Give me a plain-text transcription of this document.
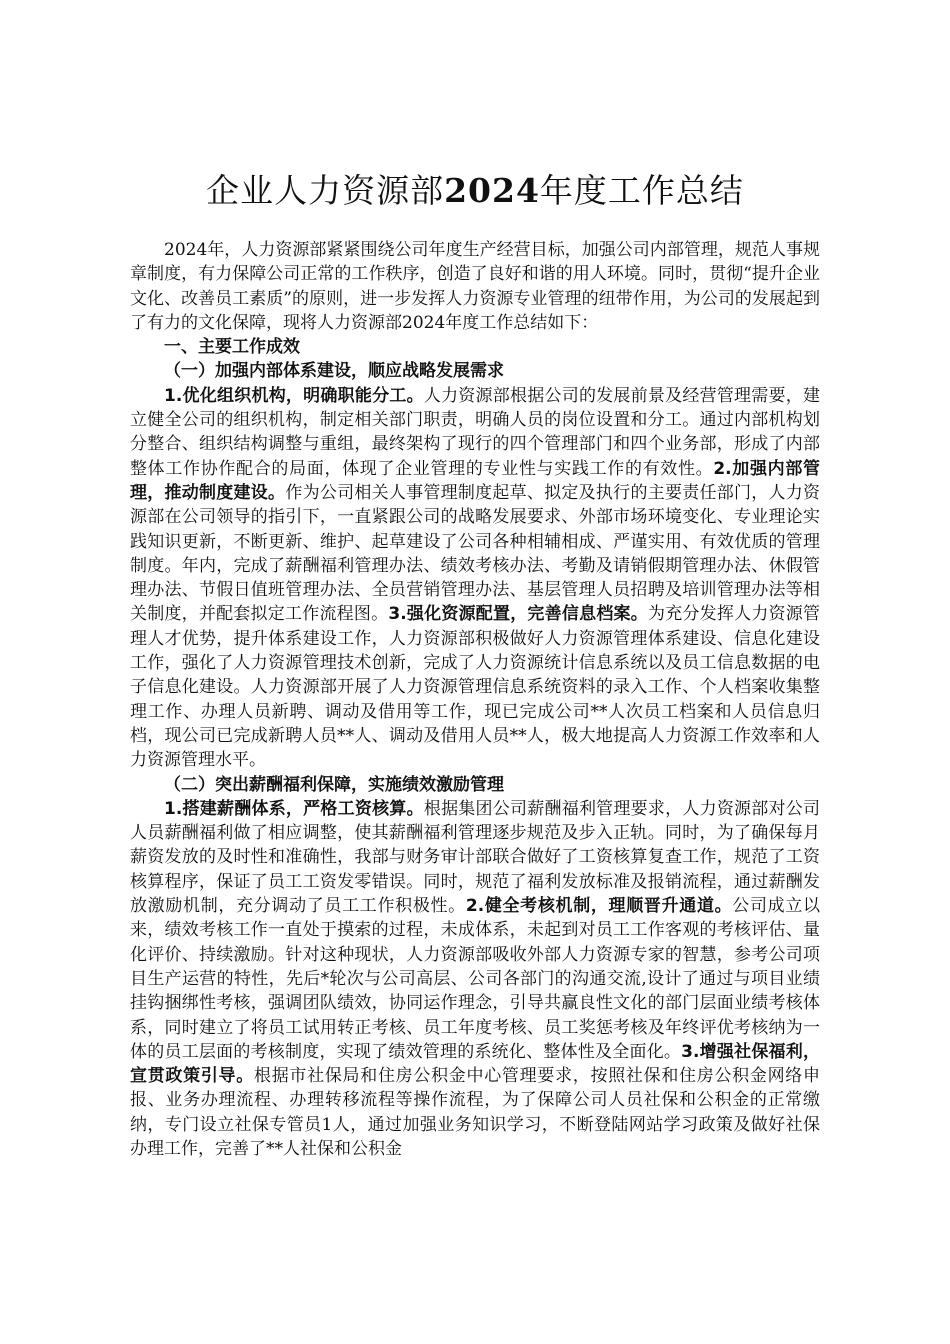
企业人力资源部2024年度工作总结

2024年，人力资源部紧紧围绕公司年度生产经营目标，加强公司内部管理，规范人事规章制度，有力保障公司正常的工作秩序，创造了良好和谐的用人环境。同时，贯彻“提升企业文化、改善员工素质”的原则，进一步发挥人力资源专业管理的纽带作用，为公司的发展起到了有力的文化保障，现将人力资源部2024年度工作总结如下：

一、主要工作成效

（一）加强内部体系建设，顺应战略发展需求

1.优化组织机构，明确职能分工。人力资源部根据公司的发展前景及经营管理需要，建立健全公司的组织机构，制定相关部门职责，明确人员的岗位设置和分工。通过内部机构划分整合、组织结构调整与重组，最终架构了现行的四个管理部门和四个业务部，形成了内部整体工作协作配合的局面，体现了企业管理的专业性与实践工作的有效性。2.加强内部管理，推动制度建设。作为公司相关人事管理制度起草、拟定及执行的主要责任部门，人力资源部在公司领导的指引下，一直紧跟公司的战略发展要求、外部市场环境变化、专业理论实践知识更新，不断更新、维护、起草建设了公司各种相辅相成、严谨实用、有效优质的管理制度。年内，完成了薪酬福利管理办法、绩效考核办法、考勤及请销假期管理办法、休假管理办法、节假日值班管理办法、全员营销管理办法、基层管理人员招聘及培训管理办法等相关制度，并配套拟定工作流程图。3.强化资源配置，完善信息档案。为充分发挥人力资源管理人才优势，提升体系建设工作，人力资源部积极做好人力资源管理体系建设、信息化建设工作，强化了人力资源管理技术创新，完成了人力资源统计信息系统以及员工信息数据的电子信息化建设。人力资源部开展了人力资源管理信息系统资料的录入工作、个人档案收集整理工作、办理人员新聘、调动及借用等工作，现已完成公司**人次员工档案和人员信息归档，现公司已完成新聘人员**人、调动及借用人员**人，极大地提高人力资源工作效率和人力资源管理水平。

（二）突出薪酬福利保障，实施绩效激励管理

1.搭建薪酬体系，严格工资核算。根据集团公司薪酬福利管理要求，人力资源部对公司人员薪酬福利做了相应调整，使其薪酬福利管理逐步规范及步入正轨。同时，为了确保每月薪资发放的及时性和准确性，我部与财务审计部联合做好了工资核算复查工作，规范了工资核算程序，保证了员工工资发零错误。同时，规范了福利发放标准及报销流程，通过薪酬发放激励机制，充分调动了员工工作积极性。2.健全考核机制，理顺晋升通道。公司成立以来，绩效考核工作一直处于摸索的过程，未成体系，未起到对员工工作客观的考核评估、量化评价、持续激励。针对这种现状，人力资源部吸收外部人力资源专家的智慧，参考公司项目生产运营的特性，先后*轮次与公司高层、公司各部门的沟通交流,设计了通过与项目业绩挂钩捆绑性考核，强调团队绩效，协同运作理念，引导共赢良性文化的部门层面业绩考核体系，同时建立了将员工试用转正考核、员工年度考核、员工奖惩考核及年终评优考核纳为一体的员工层面的考核制度，实现了绩效管理的系统化、整体性及全面化。3.增强社保福利，宣贯政策引导。根据市社保局和住房公积金中心管理要求，按照社保和住房公积金网络申报、业务办理流程、办理转移流程等操作流程，为了保障公司人员社保和公积金的正常缴纳，专门设立社保专管员1人，通过加强业务知识学习，不断登陆网站学习政策及做好社保办理工作，完善了**人社保和公积金
